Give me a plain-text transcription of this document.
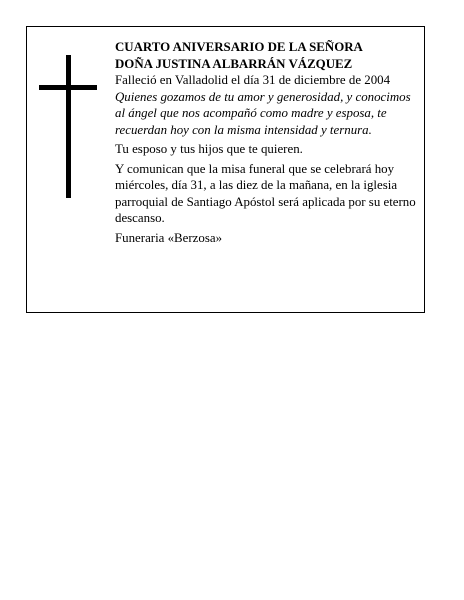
CUARTO ANIVERSARIO DE LA SEÑORA

DOÑA JUSTINA ALBARRÁN VÁZQUEZ

Falleció en Valladolid el día 31 de diciembre de 2004

Quienes gozamos de tu amor y generosidad, y conocimos al ángel que nos acompañó como madre y esposa, te recuerdan hoy con la misma intensidad y ternura.

Tu esposo y tus hijos que te quieren.

Y comunican que la misa funeral que se celebrará hoy miércoles, día 31, a las diez de la mañana, en la iglesia parroquial de Santiago Apóstol será aplicada por su eterno descanso.

Funeraria «Berzosa»
